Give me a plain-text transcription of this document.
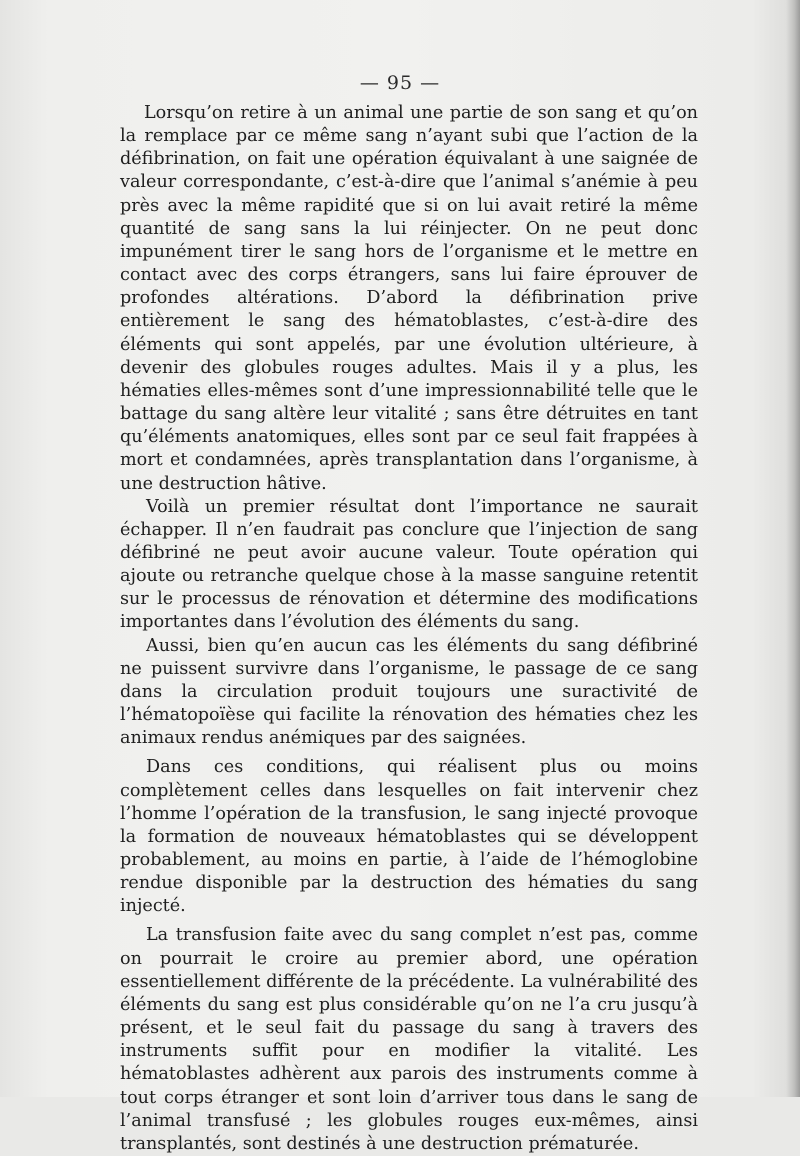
— 95 —

Lorsqu’on retire à un animal une partie de son sang et qu’on la remplace par ce même sang n’ayant subi que l’action de la défibrination, on fait une opération équivalant à une saignée de valeur correspondante, c’est-à-dire que l’animal s’anémie à peu près avec la même rapidité que si on lui avait retiré la même quantité de sang sans la lui réinjecter. On ne peut donc impunément tirer le sang hors de l’organisme et le mettre en contact avec des corps étrangers, sans lui faire éprouver de profondes altérations. D’abord la défibrination prive entièrement le sang des hématoblastes, c’est-à-dire des éléments qui sont appelés, par une évolution ultérieure, à devenir des globules rouges adultes. Mais il y a plus, les hématies elles-mêmes sont d’une impressionnabilité telle que le battage du sang altère leur vitalité ; sans être détruites en tant qu’éléments anatomiques, elles sont par ce seul fait frappées à mort et condamnées, après transplantation dans l’organisme, à une destruction hâtive.

Voilà un premier résultat dont l’importance ne saurait échapper. Il n’en faudrait pas conclure que l’injection de sang défibriné ne peut avoir aucune valeur. Toute opération qui ajoute ou retranche quelque chose à la masse sanguine retentit sur le processus de rénovation et détermine des modifications importantes dans l’évolution des éléments du sang.

Aussi, bien qu’en aucun cas les éléments du sang défibriné ne puissent survivre dans l’organisme, le passage de ce sang dans la circulation produit toujours une suractivité de l’hématopoïèse qui facilite la rénovation des hématies chez les animaux rendus anémiques par des saignées.

Dans ces conditions, qui réalisent plus ou moins complètement celles dans lesquelles on fait intervenir chez l’homme l’opération de la transfusion, le sang injecté provoque la formation de nouveaux hématoblastes qui se développent probablement, au moins en partie, à l’aide de l’hémoglobine rendue disponible par la destruction des hématies du sang injecté.

La transfusion faite avec du sang complet n’est pas, comme on pourrait le croire au premier abord, une opération essentiellement différente de la précédente. La vulnérabilité des éléments du sang est plus considérable qu’on ne l’a cru jusqu’à présent, et le seul fait du passage du sang à travers des instruments suffit pour en modifier la vitalité. Les hématoblastes adhèrent aux parois des instruments comme à tout corps étranger et sont loin d’arriver tous dans le sang de l’animal transfusé ; les globules rouges eux-mêmes, ainsi transplantés, sont destinés à une destruction prématurée.
